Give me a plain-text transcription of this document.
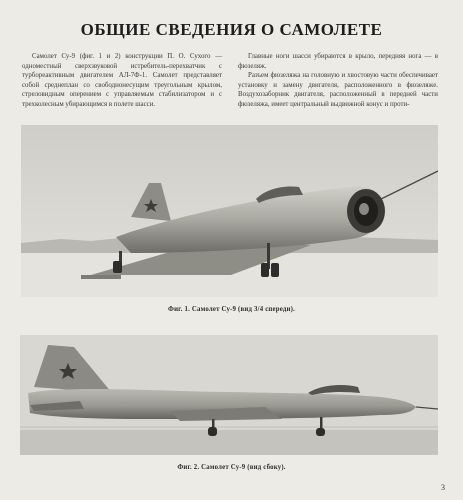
ОБЩИЕ СВЕДЕНИЯ О САМОЛЕТЕ

Самолет Су-9 (фиг. 1 и 2) конструкции П. О. Сухого — одноместный сверхзвуковой истребитель-перехватчик с турбореактивным двигателем АЛ-7Ф-1. Самолет представляет собой среднеплан со свободнонесущим треугольным крылом, стреловидным оперением с управляемым стабилизатором и с трехколесным убирающимся в полете шасси.

Главные ноги шасси убираются в крыло, передняя нога — в фюзеляж.

Разъем фюзеляжа на головную и хвостовую части обеспечивает установку и замену двигателя, расположенного в фюзеляже. Воздухозаборник двигателя, расположенный в передней части фюзеляжа, имеет центральный выдвижной конус и проти-

Фиг. 1. Самолет Су-9 (вид 3/4 спереди).
Фиг. 2. Самолет Су-9 (вид сбоку).
3
